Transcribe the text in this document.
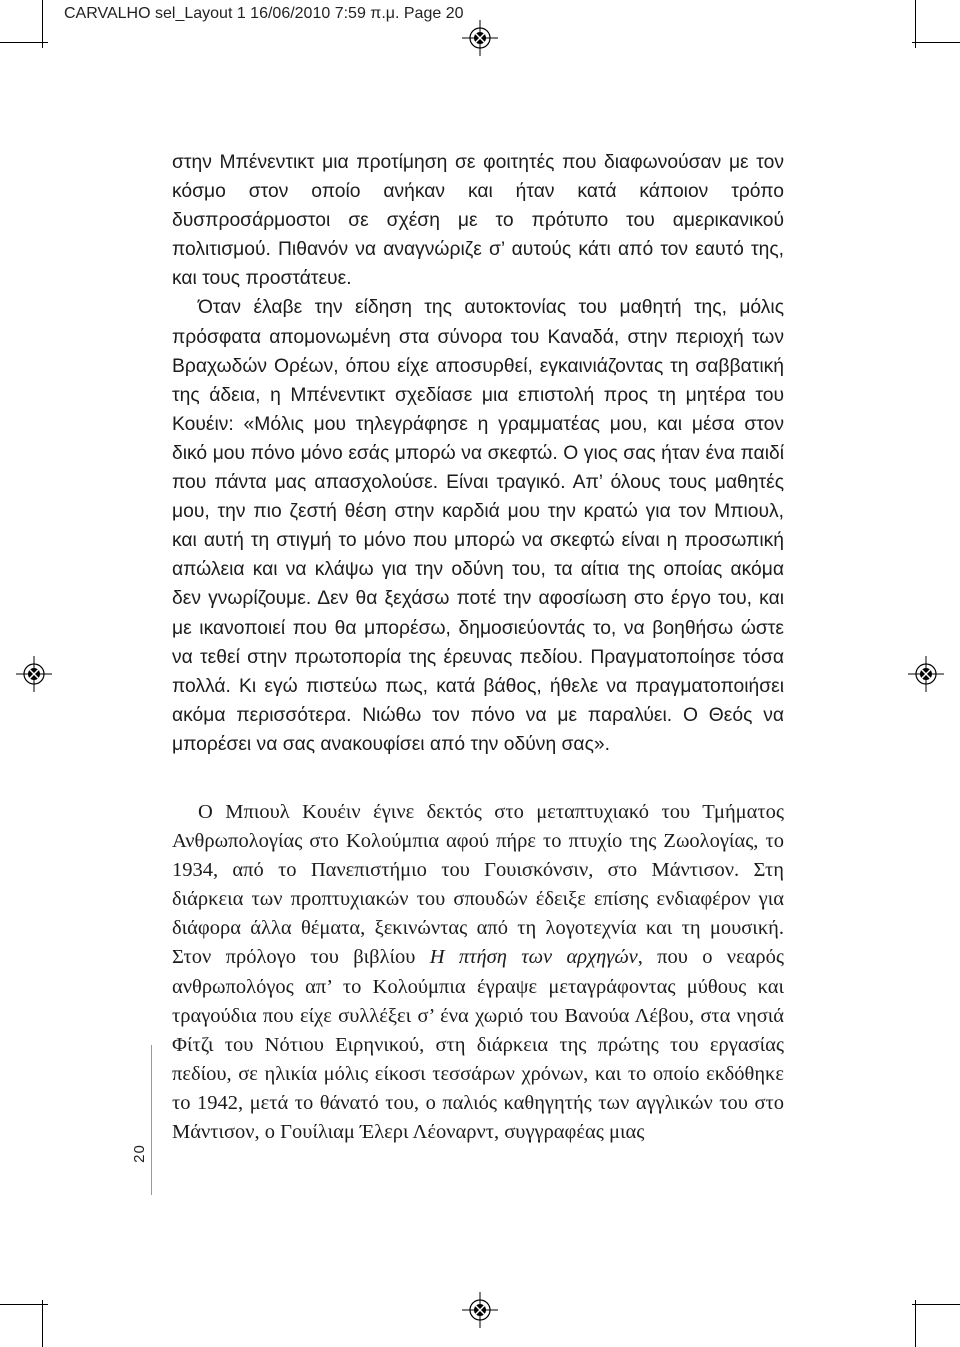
CARVALHO sel_Layout 1 16/06/2010 7:59 π.μ. Page 20
20

στην Μπένεντικτ μια προτίμηση σε φοιτητές που διαφωνούσαν με τον κόσμο στον οποίο ανήκαν και ήταν κατά κάποιον τρόπο δυσπροσάρμοστοι σε σχέση με το πρότυπο του αμερικανικού πολιτισμού. Πιθανόν να αναγνώριζε σ’ αυτούς κάτι από τον εαυτό της, και τους προστάτευε.

Όταν έλαβε την είδηση της αυτοκτονίας του μαθητή της, μόλις πρόσφατα απομονωμένη στα σύνορα του Καναδά, στην περιοχή των Βραχωδών Ορέων, όπου είχε αποσυρθεί, εγκαινιάζοντας τη σαββατική της άδεια, η Μπένεντικτ σχεδίασε μια επιστολή προς τη μητέρα του Κουέιν: «Μόλις μου τηλεγράφησε η γραμματέας μου, και μέσα στον δικό μου πόνο μόνο εσάς μπορώ να σκεφτώ. Ο γιος σας ήταν ένα παιδί που πάντα μας απασχολούσε. Είναι τραγικό. Απ’ όλους τους μαθητές μου, την πιο ζεστή θέση στην καρδιά μου την κρατώ για τον Μπιουλ, και αυτή τη στιγμή το μόνο που μπορώ να σκεφτώ είναι η προσωπική απώλεια και να κλάψω για την οδύνη του, τα αίτια της οποίας ακόμα δεν γνωρίζουμε. Δεν θα ξεχάσω ποτέ την αφοσίωση στο έργο του, και με ικανοποιεί που θα μπορέσω, δημοσιεύοντάς το, να βοηθήσω ώστε να τεθεί στην πρωτοπορία της έρευνας πεδίου. Πραγματοποίησε τόσα πολλά. Κι εγώ πιστεύω πως, κατά βάθος, ήθελε να πραγματοποιήσει ακόμα περισσότερα. Νιώθω τον πόνο να με παραλύει. Ο Θεός να μπορέσει να σας ανακουφίσει από την οδύνη σας».

Ο Μπιουλ Κουέιν έγινε δεκτός στο μεταπτυχιακό του Τμήματος Ανθρωπολογίας στο Κολούμπια αφού πήρε το πτυχίο της Ζωολογίας, το 1934, από το Πανεπιστήμιο του Γουισκόνσιν, στο Μάντισον. Στη διάρκεια των προπτυχιακών του σπουδών έδειξε επίσης ενδιαφέρον για διάφορα άλλα θέματα, ξεκινώντας από τη λογοτεχνία και τη μουσική. Στον πρόλογο του βιβλίου Η πτήση των αρχηγών, που ο νεαρός ανθρωπολόγος απ’ το Κολούμπια έγραψε μεταγράφοντας μύθους και τραγούδια που είχε συλλέξει σ’ ένα χωριό του Βανούα Λέβου, στα νησιά Φίτζι του Νότιου Ειρηνικού, στη διάρκεια της πρώτης του εργασίας πεδίου, σε ηλικία μόλις είκοσι τεσσάρων χρόνων, και το οποίο εκδόθηκε το 1942, μετά το θάνατό του, ο παλιός καθηγητής των αγγλικών του στο Μάντισον, ο Γουίλιαμ Έλερι Λέοναρντ, συγγραφέας μιας
